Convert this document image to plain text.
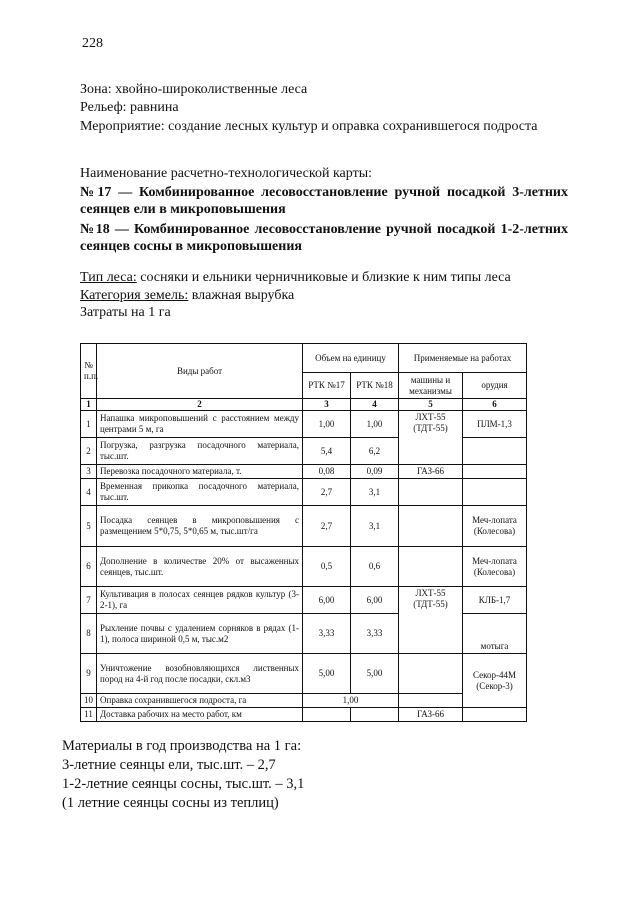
228
Зона: хвойно-широколиственные леса
Рельеф: равнина
Мероприятие: создание лесных культур и оправка сохранившегося подроста
Наименование расчетно-технологической карты:
№17 — Комбинированное лесовосстановление ручной посадкой 3-летних сеянцев ели в микроповышения
№18 — Комбинированное лесовосстановление ручной посадкой 1-2-летних сеянцев сосны в микроповышения
Тип леса: сосняки и ельники черничниковые и близкие к ним типы леса
Категория земель: влажная вырубка
Затраты на 1 га
№ п.п.	Виды работ	Объем на единицу		Применяемые на работах	
		РТК №17	РТК №18	машины и механизмы	орудия
1	2	3	4	5	6
1	Напашка микроповышений с расстоянием между центрами 5 м, га	1,00	1,00	ЛХТ-55 (ТДТ-55)	ПЛМ-1,3
2	Погрузка, разгрузка посадочного материала, тыс.шт.	5,4	6,2		
3	Перевозка посадочного материала, т.	0,08	0,09	ГАЗ-66	
4	Временная прикопка посадочного материала, тыс.шт.	2,7	3,1		
5	Посадка сеянцев в микроповышения с размещением 5*0,75, 5*0,65 м, тыс.шт/га	2,7	3,1		Меч-лопата (Колесова)
6	Дополнение в количестве 20% от высаженных сеянцев, тыс.шт.	0,5	0,6		Меч-лопата (Колесова)
7	Культивация в полосах сеянцев рядков культур (3-2-1), га	6,00	6,00	ЛХТ-55 (ТДТ-55)	КЛБ-1,7
8	Рыхление почвы с удалением сорняков в рядах (1-1), полоса шириной 0,5 м, тыс.м2	3,33	3,33		мотыга
9	Уничтожение возобновляющихся лиственных пород на 4-й год после посадки, скл.м3	5,00	5,00		Секор-44М (Секор-3)
10	Оправка сохранившегося подроста, га	1,00			
11	Доставка рабочих на место работ, км			ГАЗ-66	
Материалы в год производства на 1 га:
3-летние сеянцы ели, тыс.шт. – 2,7
1-2-летние сеянцы сосны, тыс.шт. – 3,1
(1 летние сеянцы сосны из теплиц)
